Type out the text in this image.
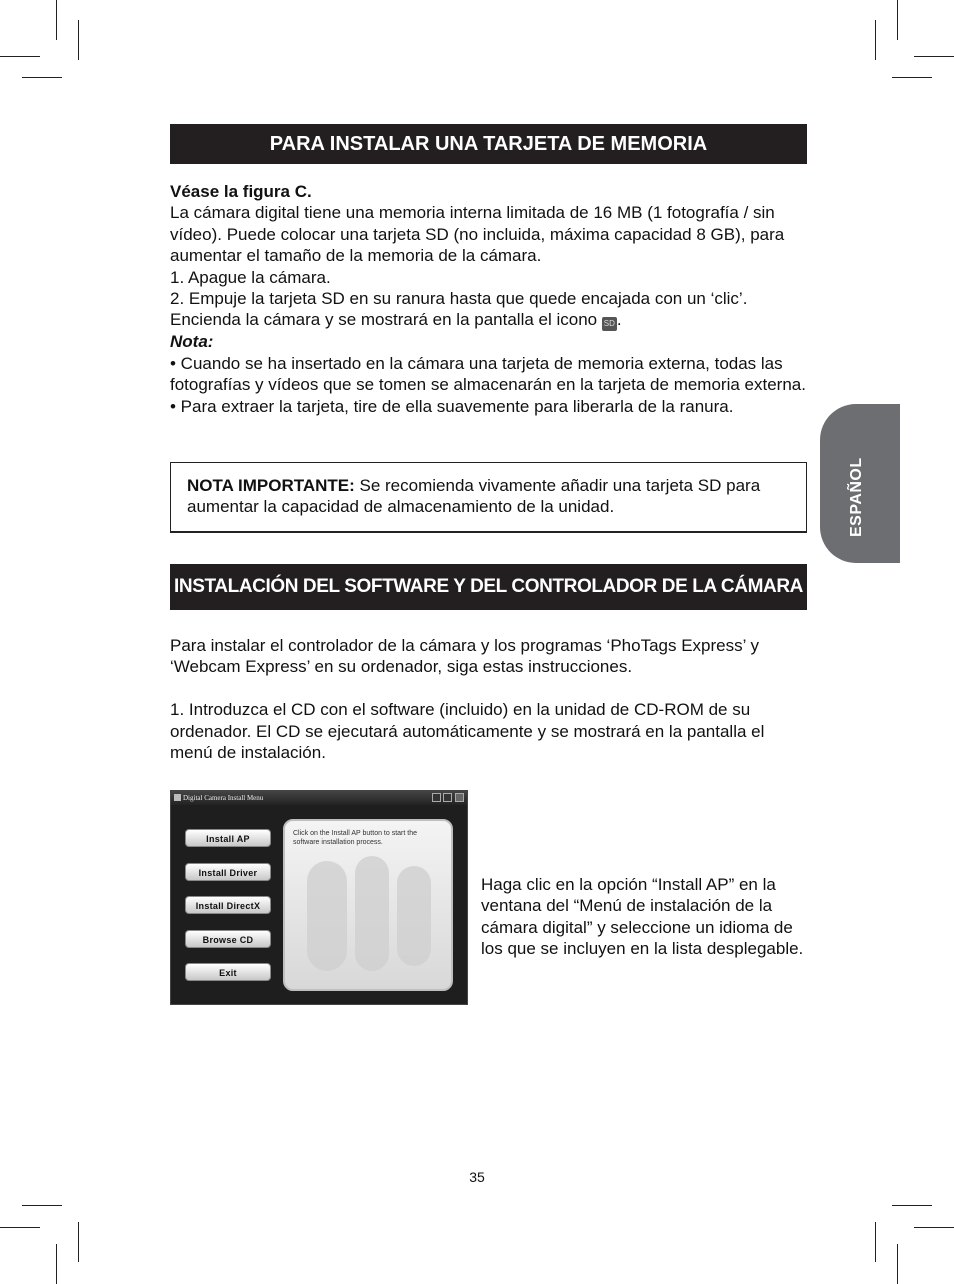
PARA INSTALAR UNA TARJETA DE MEMORIA

Véase la figura C.

La cámara digital tiene una memoria interna limitada de 16 MB (1 fotografía / sin vídeo). Puede colocar una tarjeta SD (no incluida, máxima capacidad 8 GB), para aumentar el tamaño de la memoria de la cámara.

1. Apague la cámara.

2. Empuje la tarjeta SD en su ranura hasta que quede encajada con un ‘clic’. Encienda la cámara y se mostrará en la pantalla el icono SD .

Nota:

• Cuando se ha insertado en la cámara una tarjeta de memoria externa, todas las fotografías y vídeos que se tomen se almacenarán en la tarjeta de memoria externa.

• Para extraer la tarjeta, tire de ella suavemente para liberarla de la ranura.

NOTA IMPORTANTE: Se recomienda vivamente añadir una tarjeta SD para aumentar la capacidad de almacenamiento de la unidad.	ESPAÑOL
INSTALACIÓN DEL SOFTWARE Y DEL CONTROLADOR DE LA CÁMARA

Para instalar el controlador de la cámara y los programas ‘PhoTags Express’ y ‘Webcam Express’ en su ordenador, siga estas instrucciones.

1. Introduzca el CD con el software (incluido) en la unidad de CD-ROM de su ordenador. El CD se ejecutará automáticamente y se mostrará en la pantalla el menú de instalación.

Digital Camera Install Menu
Install AP
Install Driver
Install DirectX
Browse CD
Exit
Click on the Install AP button to start the software installation process.
Haga clic en la opción “Install AP” en la ventana del “Menú de instalación de la cámara digital” y seleccione un idioma de los que se incluyen en la lista desplegable.
35
